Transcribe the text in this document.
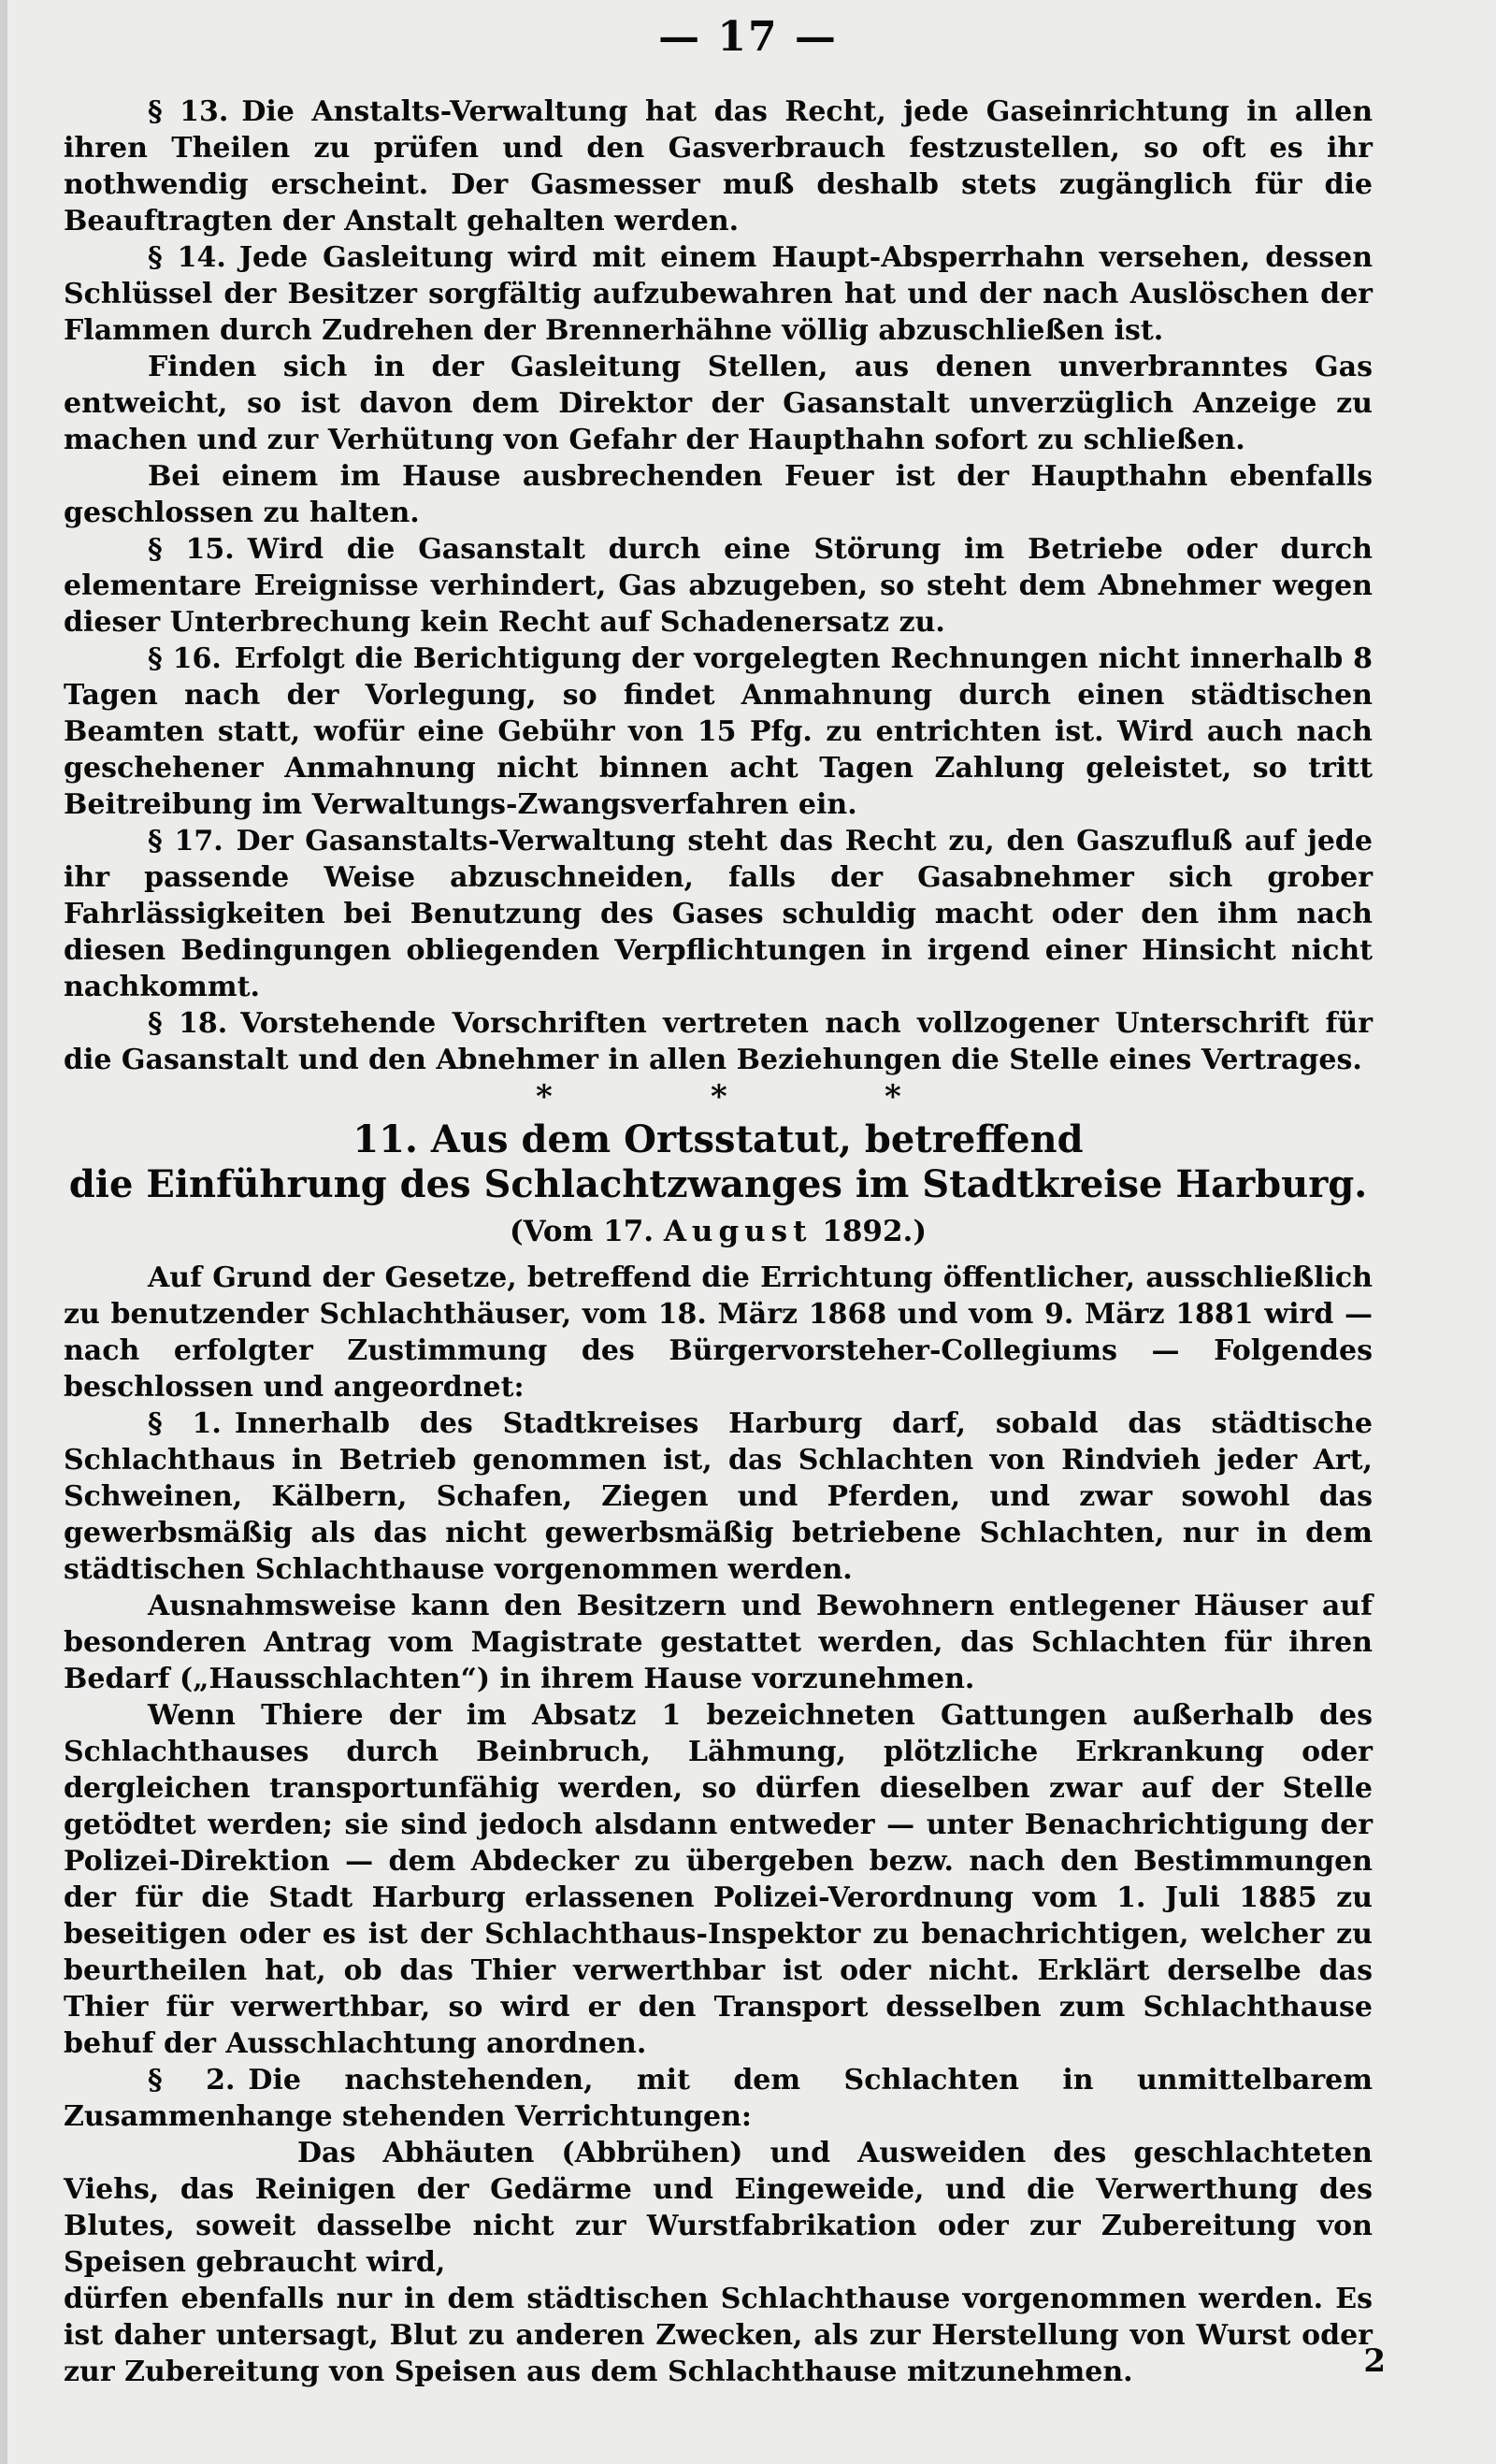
— 17 —

§ 13. Die Anstalts-Verwaltung hat das Recht, jede Gaseinrichtung in allen ihren Theilen zu prüfen und den Gasverbrauch festzustellen, so oft es ihr nothwendig erscheint. Der Gasmesser muß deshalb stets zugänglich für die Beauftragten der Anstalt gehalten werden.

§ 14. Jede Gasleitung wird mit einem Haupt-Absperrhahn versehen, dessen Schlüssel der Besitzer sorgfältig aufzubewahren hat und der nach Auslöschen der Flammen durch Zudrehen der Brennerhähne völlig abzuschließen ist.

Finden sich in der Gasleitung Stellen, aus denen unverbranntes Gas entweicht, so ist davon dem Direktor der Gasanstalt unverzüglich Anzeige zu machen und zur Verhütung von Gefahr der Haupthahn sofort zu schließen.

Bei einem im Hause ausbrechenden Feuer ist der Haupthahn ebenfalls geschlossen zu halten.

§ 15. Wird die Gasanstalt durch eine Störung im Betriebe oder durch elementare Ereignisse verhindert, Gas abzugeben, so steht dem Abnehmer wegen dieser Unterbrechung kein Recht auf Schadenersatz zu.

§ 16. Erfolgt die Berichtigung der vorgelegten Rechnungen nicht innerhalb 8 Tagen nach der Vorlegung, so findet Anmahnung durch einen städtischen Beamten statt, wofür eine Gebühr von 15 Pfg. zu entrichten ist. Wird auch nach geschehener Anmahnung nicht binnen acht Tagen Zahlung geleistet, so tritt Beitreibung im Verwaltungs-Zwangsverfahren ein.

§ 17. Der Gasanstalts-Verwaltung steht das Recht zu, den Gaszufluß auf jede ihr passende Weise abzuschneiden, falls der Gasabnehmer sich grober Fahrlässigkeiten bei Benutzung des Gases schuldig macht oder den ihm nach diesen Bedingungen obliegenden Verpflichtungen in irgend einer Hinsicht nicht nachkommt.

§ 18. Vorstehende Vorschriften vertreten nach vollzogener Unterschrift für die Gasanstalt und den Abnehmer in allen Beziehungen die Stelle eines Vertrages.

*	*	*
11. Aus dem Ortsstatut, betreffend
die Einführung des Schlachtzwanges im Stadtkreise Harburg.
(Vom 17. August 1892.)

Auf Grund der Gesetze, betreffend die Errichtung öffentlicher, ausschließlich zu benutzender Schlachthäuser, vom 18. März 1868 und vom 9. März 1881 wird — nach erfolgter Zustimmung des Bürgervorsteher-Collegiums — Folgendes beschlossen und angeordnet:

§ 1. Innerhalb des Stadtkreises Harburg darf, sobald das städtische Schlachthaus in Betrieb genommen ist, das Schlachten von Rindvieh jeder Art, Schweinen, Kälbern, Schafen, Ziegen und Pferden, und zwar sowohl das gewerbsmäßig als das nicht gewerbsmäßig betriebene Schlachten, nur in dem städtischen Schlachthause vorgenommen werden.

Ausnahmsweise kann den Besitzern und Bewohnern entlegener Häuser auf besonderen Antrag vom Magistrate gestattet werden, das Schlachten für ihren Bedarf („Hausschlachten“) in ihrem Hause vorzunehmen.

Wenn Thiere der im Absatz 1 bezeichneten Gattungen außerhalb des Schlachthauses durch Beinbruch, Lähmung, plötzliche Erkrankung oder dergleichen transportunfähig werden, so dürfen dieselben zwar auf der Stelle getödtet werden; sie sind jedoch alsdann entweder — unter Benachrichtigung der Polizei-Direktion — dem Abdecker zu übergeben bezw. nach den Bestimmungen der für die Stadt Harburg erlassenen Polizei-Verordnung vom 1. Juli 1885 zu beseitigen oder es ist der Schlachthaus-Inspektor zu benachrichtigen, welcher zu beurtheilen hat, ob das Thier verwerthbar ist oder nicht. Erklärt derselbe das Thier für verwerthbar, so wird er den Transport desselben zum Schlachthause behuf der Ausschlachtung anordnen.

§ 2. Die nachstehenden, mit dem Schlachten in unmittelbarem Zusammenhange stehenden Verrichtungen:

Das Abhäuten (Abbrühen) und Ausweiden des geschlachteten Viehs, das Reinigen der Gedärme und Eingeweide, und die Verwerthung des Blutes, soweit dasselbe nicht zur Wurstfabrikation oder zur Zubereitung von Speisen gebraucht wird,

dürfen ebenfalls nur in dem städtischen Schlachthause vorgenommen werden. Es ist daher untersagt, Blut zu anderen Zwecken, als zur Herstellung von Wurst oder zur Zubereitung von Speisen aus dem Schlachthause mitzunehmen.	2
